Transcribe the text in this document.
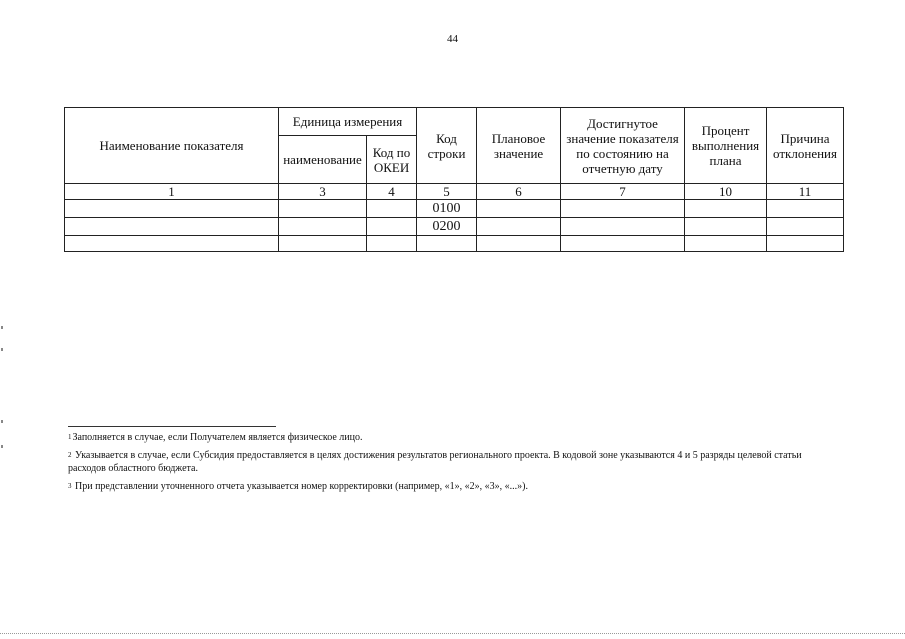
44
Наименование показателя	Единица измерения		Код строки	Плановое значение	Достигнутое значение показателя по состоянию на отчетную дату	Процент выполнения плана	Причина отклонения
	наименование	Код по ОКЕИ					
1	3	4	5	6	7	10	11
			0100				
			0200				

$^1$Заполняется в случае, если Получателем является физическое лицо.
$^2$ Указывается в случае, если Субсидия предоставляется в целях достижения результатов регионального проекта. В кодовой зоне указываются 4 и 5 разряды целевой статьи расходов областного бюджета.
$^3$ При представлении уточненного отчета указывается номер корректировки (например, «1», «2», «3», «...»).
